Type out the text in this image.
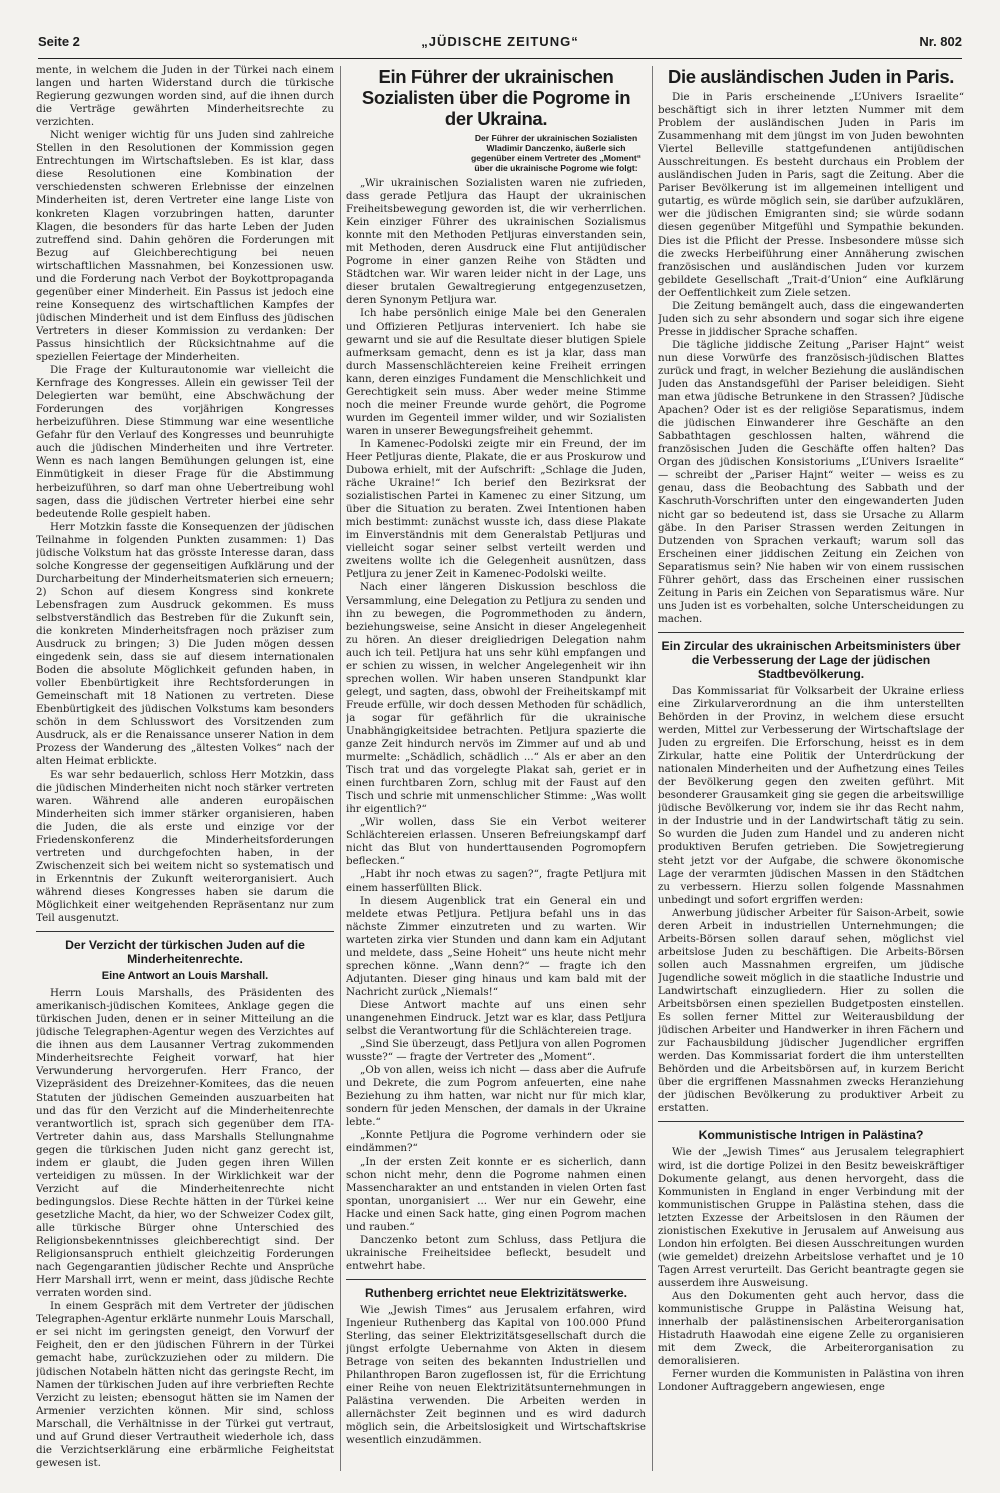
Seite 2	„JÜDISCHE ZEITUNG“	Nr. 802

mente, in welchem die Juden in der Türkei nach einem langen und harten Widerstand durch die türkische Regierung gezwungen worden sind, auf die ihnen durch die Verträge gewährten Minderheitsrechte zu verzichten.

Nicht weniger wichtig für uns Juden sind zahlreiche Stellen in den Resolutionen der Kommission gegen Entrechtungen im Wirtschaftsleben. Es ist klar, dass diese Resolutionen eine Kombination der verschiedensten schweren Erlebnisse der einzelnen Minderheiten ist, deren Vertreter eine lange Liste von konkreten Klagen vorzubringen hatten, darunter Klagen, die besonders für das harte Leben der Juden zutreffend sind. Dahin gehören die Forderungen mit Bezug auf Gleichberechtigung bei neuen wirtschaftlichen Massnahmen, bei Konzessionen usw. und die Forderung nach Verbot der Boykottpropaganda gegenüber einer Minderheit. Ein Passus ist jedoch eine reine Konsequenz des wirtschaftlichen Kampfes der jüdischen Minderheit und ist dem Einfluss des jüdischen Vertreters in dieser Kommission zu verdanken: Der Passus hinsichtlich der Rücksichtnahme auf die speziellen Feiertage der Minderheiten.

Die Frage der Kulturautonomie war vielleicht die Kernfrage des Kongresses. Allein ein gewisser Teil der Delegierten war bemüht, eine Abschwächung der Forderungen des vorjährigen Kongresses herbeizuführen. Diese Stimmung war eine wesentliche Gefahr für den Verlauf des Kongresses und beunruhigte auch die jüdischen Minderheiten und ihre Vertreter. Wenn es nach langen Bemühungen gelungen ist, eine Einmütigkeit in dieser Frage für die Abstimmung herbeizuführen, so darf man ohne Uebertreibung wohl sagen, dass die jüdischen Vertreter hierbei eine sehr bedeutende Rolle gespielt haben.

Herr Motzkin fasste die Konsequenzen der jüdischen Teilnahme in folgenden Punkten zusammen: 1) Das jüdische Volkstum hat das grösste Interesse daran, dass solche Kongresse der gegenseitigen Aufklärung und der Durcharbeitung der Minderheitsmaterien sich erneuern; 2) Schon auf diesem Kongress sind konkrete Lebensfragen zum Ausdruck gekommen. Es muss selbstverständlich das Bestreben für die Zukunft sein, die konkreten Minderheitsfragen noch präziser zum Ausdruck zu bringen; 3) Die Juden mögen dessen eingedenk sein, dass sie auf diesem internationalen Boden die absolute Möglichkeit gefunden haben, in voller Ebenbürtigkeit ihre Rechtsforderungen in Gemeinschaft mit 18 Nationen zu vertreten. Diese Ebenbürtigkeit des jüdischen Volkstums kam besonders schön in dem Schlusswort des Vorsitzenden zum Ausdruck, als er die Renaissance unserer Nation in dem Prozess der Wanderung des „ältesten Volkes“ nach der alten Heimat erblickte.

Es war sehr bedauerlich, schloss Herr Motzkin, dass die jüdischen Minderheiten nicht noch stärker vertreten waren. Während alle anderen europäischen Minderheiten sich immer stärker organisieren, haben die Juden, die als erste und einzige vor der Friedenskonferenz die Minderheitsforderungen vertreten und durchgefochten haben, in der Zwischenzeit sich bei weitem nicht so systematisch und in Erkenntnis der Zukunft weiterorganisiert. Auch während dieses Kongresses haben sie darum die Möglichkeit einer weitgehenden Repräsentanz nur zum Teil ausgenutzt.

Der Verzicht der türkischen Juden auf die Minderheitenrechte.
Eine Antwort an Louis Marshall.

Herrn Louis Marshalls, des Präsidenten des amerikanisch-jüdischen Komitees, Anklage gegen die türkischen Juden, denen er in seiner Mitteilung an die jüdische Telegraphen-Agentur wegen des Verzichtes auf die ihnen aus dem Lausanner Vertrag zukommenden Minderheitsrechte Feigheit vorwarf, hat hier Verwunderung hervorgerufen. Herr Franco, der Vizepräsident des Dreizehner-Komitees, das die neuen Statuten der jüdischen Gemeinden auszuarbeiten hat und das für den Verzicht auf die Minderheitenrechte verantwortlich ist, sprach sich gegenüber dem ITA-Vertreter dahin aus, dass Marshalls Stellungnahme gegen die türkischen Juden nicht ganz gerecht ist, indem er glaubt, die Juden gegen ihren Willen verteidigen zu müssen. In der Wirklichkeit war der Verzicht auf die Minderheitenrechte nicht bedingungslos. Diese Rechte hätten in der Türkei keine gesetzliche Macht, da hier, wo der Schweizer Codex gilt, alle türkische Bürger ohne Unterschied des Religionsbekenntnisses gleichberechtigt sind. Der Religionsanspruch enthielt gleichzeitig Forderungen nach Gegengarantien jüdischer Rechte und Ansprüche Herr Marshall irrt, wenn er meint, dass jüdische Rechte verraten worden sind.

In einem Gespräch mit dem Vertreter der jüdischen Telegraphen-Agentur erklärte nunmehr Louis Marschall, er sei nicht im geringsten geneigt, den Vorwurf der Feigheit, den er den jüdischen Führern in der Türkei gemacht habe, zurückzuziehen oder zu mildern. Die jüdischen Notabeln hätten nicht das geringste Recht, im Namen der türkischen Juden auf ihre verbrieften Rechte Verzicht zu leisten; ebensogut hätten sie im Namen der Armenier verzichten können. Mir sind, schloss Marschall, die Verhältnisse in der Türkei gut vertraut, und auf Grund dieser Vertrautheit wiederhole ich, dass die Verzichtserklärung eine erbärmliche Feigheitstat gewesen ist.

Ein Führer der ukrainischen Sozialisten über die Pogrome in der Ukraina.
Der Führer der ukrainischen Sozialisten Wladimir Danczenko, äußerle sich gegenüber einem Vertreter des „Moment“ über die ukrainische Pogrome wie folgt:

„Wir ukrainischen Sozialisten waren nie zufrieden, dass gerade Petljura das Haupt der ukrainischen Freiheitsbewegung geworden ist, die wir verherrlichen. Kein einziger Führer des ukrainischen Sozialismus konnte mit den Methoden Petljuras einverstanden sein, mit Methoden, deren Ausdruck eine Flut antijüdischer Pogrome in einer ganzen Reihe von Städten und Städtchen war. Wir waren leider nicht in der Lage, uns dieser brutalen Gewaltregierung entgegenzusetzen, deren Synonym Petljura war.

Ich habe persönlich einige Male bei den Generalen und Offizieren Petljuras interveniert. Ich habe sie gewarnt und sie auf die Resultate dieser blutigen Spiele aufmerksam gemacht, denn es ist ja klar, dass man durch Massenschlächtereien keine Freiheit erringen kann, deren einziges Fundament die Menschlichkeit und Gerechtigkeit sein muss. Aber weder meine Stimme noch die meiner Freunde wurde gehört, die Pogrome wurden im Gegenteil immer wilder, und wir Sozialisten waren in unserer Bewegungsfreiheit gehemmt.

In Kamenec-Podolski zeigte mir ein Freund, der im Heer Petljuras diente, Plakate, die er aus Proskurow und Dubowa erhielt, mit der Aufschrift: „Schlage die Juden, räche Ukraine!“ Ich berief den Bezirksrat der sozialistischen Partei in Kamenec zu einer Sitzung, um über die Situation zu beraten. Zwei Intentionen haben mich bestimmt: zunächst wusste ich, dass diese Plakate im Einverständnis mit dem Generalstab Petljuras und vielleicht sogar seiner selbst verteilt werden und zweitens wollte ich die Gelegenheit ausnützen, dass Petljura zu jener Zeit in Kamenec-Podolski weilte.

Nach einer längeren Diskussion beschloss die Versammlung, eine Delegation zu Petljura zu senden und ihn zu bewegen, die Pogrommethoden zu ändern, beziehungsweise, seine Ansicht in dieser Angelegenheit zu hören. An dieser dreigliedrigen Delegation nahm auch ich teil. Petljura hat uns sehr kühl empfangen und er schien zu wissen, in welcher Angelegenheit wir ihn sprechen wollen. Wir haben unseren Standpunkt klar gelegt, und sagten, dass, obwohl der Freiheitskampf mit Freude erfülle, wir doch dessen Methoden für schädlich, ja sogar für gefährlich für die ukrainische Unabhängigkeitsidee betrachten. Petljura spazierte die ganze Zeit hindurch nervös im Zimmer auf und ab und murmelte: „Schädlich, schädlich ...“ Als er aber an den Tisch trat und das vorgelegte Plakat sah, geriet er in einen furchtbaren Zorn, schlug mit der Faust auf den Tisch und schrie mit unmenschlicher Stimme: „Was wollt ihr eigentlich?“

„Wir wollen, dass Sie ein Verbot weiterer Schlächtereien erlassen. Unseren Befreiungskampf darf nicht das Blut von hunderttausenden Pogromopfern beflecken.“

„Habt ihr noch etwas zu sagen?“, fragte Petljura mit einem hasserfüllten Blick.

In diesem Augenblick trat ein General ein und meldete etwas Petljura. Petljura befahl uns in das nächste Zimmer einzutreten und zu warten. Wir warteten zirka vier Stunden und dann kam ein Adjutant und meldete, dass „Seine Hoheit“ uns heute nicht mehr sprechen könne. „Wann denn?“ — fragte ich den Adjutanten. Dieser ging hinaus und kam bald mit der Nachricht zurück „Niemals!“

Diese Antwort machte auf uns einen sehr unangenehmen Eindruck. Jetzt war es klar, dass Petljura selbst die Verantwortung für die Schlächtereien trage.

„Sind Sie überzeugt, dass Petljura von allen Pogromen wusste?“ — fragte der Vertreter des „Moment“.

„Ob von allen, weiss ich nicht — dass aber die Aufrufe und Dekrete, die zum Pogrom anfeuerten, eine nahe Beziehung zu ihm hatten, war nicht nur für mich klar, sondern für jeden Menschen, der damals in der Ukraine lebte.“

„Konnte Petljura die Pogrome verhindern oder sie eindämmen?“

„In der ersten Zeit konnte er es sicherlich, dann schon nicht mehr, denn die Pogrome nahmen einen Massencharakter an und entstanden in vielen Orten fast spontan, unorganisiert ... Wer nur ein Gewehr, eine Hacke und einen Sack hatte, ging einen Pogrom machen und rauben.“

Danczenko betont zum Schluss, dass Petljura die ukrainische Freiheitsidee befleckt, besudelt und entwehrt habe.

Ruthenberg errichtet neue Elektrizitätswerke.

Wie „Jewish Times“ aus Jerusalem erfahren, wird Ingenieur Ruthenberg das Kapital von 100.000 Pfund Sterling, das seiner Elektrizitätsgesellschaft durch die jüngst erfolgte Uebernahme von Akten in diesem Betrage von seiten des bekannten Industriellen und Philanthropen Baron zugeflossen ist, für die Errichtung einer Reihe von neuen Elektrizitätsunternehmungen in Palästina verwenden. Die Arbeiten werden in allernächster Zeit beginnen und es wird dadurch möglich sein, die Arbeitslosigkeit und Wirtschaftskrise wesentlich einzudämmen.

Die ausländischen Juden in Paris.

Die in Paris erscheinende „L’Univers Israelite“ beschäftigt sich in ihrer letzten Nummer mit dem Problem der ausländischen Juden in Paris im Zusammenhang mit dem jüngst im von Juden bewohnten Viertel Belleville stattgefundenen antijüdischen Ausschreitungen. Es besteht durchaus ein Problem der ausländischen Juden in Paris, sagt die Zeitung. Aber die Pariser Bevölkerung ist im allgemeinen intelligent und gutartig, es würde möglich sein, sie darüber aufzuklären, wer die jüdischen Emigranten sind; sie würde sodann diesen gegenüber Mitgefühl und Sympathie bekunden. Dies ist die Pflicht der Presse. Insbesondere müsse sich die zwecks Herbeiführung einer Annäherung zwischen französischen und ausländischen Juden vor kurzem gebildete Gesellschaft „Trait-d’Union“ eine Aufklärung der Oeffentlichkeit zum Ziele setzen.

Die Zeitung bemängelt auch, dass die eingewanderten Juden sich zu sehr absondern und sogar sich ihre eigene Presse in jiddischer Sprache schaffen.

Die tägliche jiddische Zeitung „Pariser Hajnt“ weist nun diese Vorwürfe des französisch-jüdischen Blattes zurück und fragt, in welcher Beziehung die ausländischen Juden das Anstandsgefühl der Pariser beleidigen. Sieht man etwa jüdische Betrunkene in den Strassen? Jüdische Apachen? Oder ist es der religiöse Separatismus, indem die jüdischen Einwanderer ihre Geschäfte an den Sabbathtagen geschlossen halten, während die französischen Juden die Geschäfte offen halten? Das Organ des jüdischen Konsistoriums „L’Univers Israelite“ — schreibt der „Pariser Hajnt“ weiter — weiss es zu genau, dass die Beobachtung des Sabbath und der Kaschruth-Vorschriften unter den eingewanderten Juden nicht gar so bedeutend ist, dass sie Ursache zu Allarm gäbe. In den Pariser Strassen werden Zeitungen in Dutzenden von Sprachen verkauft; warum soll das Erscheinen einer jiddischen Zeitung ein Zeichen von Separatismus sein? Nie haben wir von einem russischen Führer gehört, dass das Erscheinen einer russischen Zeitung in Paris ein Zeichen von Separatismus wäre. Nur uns Juden ist es vorbehalten, solche Unterscheidungen zu machen.

Ein Zircular des ukrainischen Arbeitsministers über die Verbesserung der Lage der jüdischen Stadtbevölkerung.

Das Kommissariat für Volksarbeit der Ukraine erliess eine Zirkularverordnung an die ihm unterstellten Behörden in der Provinz, in welchem diese ersucht werden, Mittel zur Verbesserung der Wirtschaftslage der Juden zu ergreifen. Die Erforschung, heisst es in dem Zirkular, hatte eine Politik der Unterdrückung der nationalen Minderheiten und der Aufhetzung eines Teiles der Bevölkerung gegen den zweiten geführt. Mit besonderer Grausamkeit ging sie gegen die arbeitswillige jüdische Bevölkerung vor, indem sie ihr das Recht nahm, in der Industrie und in der Landwirtschaft tätig zu sein. So wurden die Juden zum Handel und zu anderen nicht produktiven Berufen getrieben. Die Sowjetregierung steht jetzt vor der Aufgabe, die schwere ökonomische Lage der verarmten jüdischen Massen in den Städtchen zu verbessern. Hierzu sollen folgende Massnahmen unbedingt und sofort ergriffen werden:

Anwerbung jüdischer Arbeiter für Saison-Arbeit, sowie deren Arbeit in industriellen Unternehmungen; die Arbeits-Börsen sollen darauf sehen, möglichst viel arbeitslose Juden zu beschäftigen. Die Arbeits-Börsen sollen auch Massnahmen ergreifen, um jüdische Jugendliche soweit möglich in die staatliche Industrie und Landwirtschaft einzugliedern. Hier zu sollen die Arbeitsbörsen einen speziellen Budgetposten einstellen. Es sollen ferner Mittel zur Weiterausbildung der jüdischen Arbeiter und Handwerker in ihren Fächern und zur Fachausbildung jüdischer Jugendlicher ergriffen werden. Das Kommissariat fordert die ihm unterstellten Behörden und die Arbeitsbörsen auf, in kurzem Bericht über die ergriffenen Massnahmen zwecks Heranziehung der jüdischen Bevölkerung zu produktiver Arbeit zu erstatten.

Kommunistische Intrigen in Palästina?

Wie der „Jewish Times“ aus Jerusalem telegraphiert wird, ist die dortige Polizei in den Besitz beweiskräftiger Dokumente gelangt, aus denen hervorgeht, dass die Kommunisten in England in enger Verbindung mit der kommunistischen Gruppe in Palästina stehen, dass die letzten Exzesse der Arbeitslosen in den Räumen der zionistischen Exekutive in Jerusalem auf Anweisung aus London hin erfolgten. Bei diesen Ausschreitungen wurden (wie gemeldet) dreizehn Arbeitslose verhaftet und je 10 Tagen Arrest verurteilt. Das Gericht beantragte gegen sie ausserdem ihre Ausweisung.

Aus den Dokumenten geht auch hervor, dass die kommunistische Gruppe in Palästina Weisung hat, innerhalb der palästinensischen Arbeiterorganisation Histadruth Haawodah eine eigene Zelle zu organisieren mit dem Zweck, die Arbeiterorganisation zu demoralisieren.

Ferner wurden die Kommunisten in Palästina von ihren Londoner Auftraggebern angewiesen, enge
